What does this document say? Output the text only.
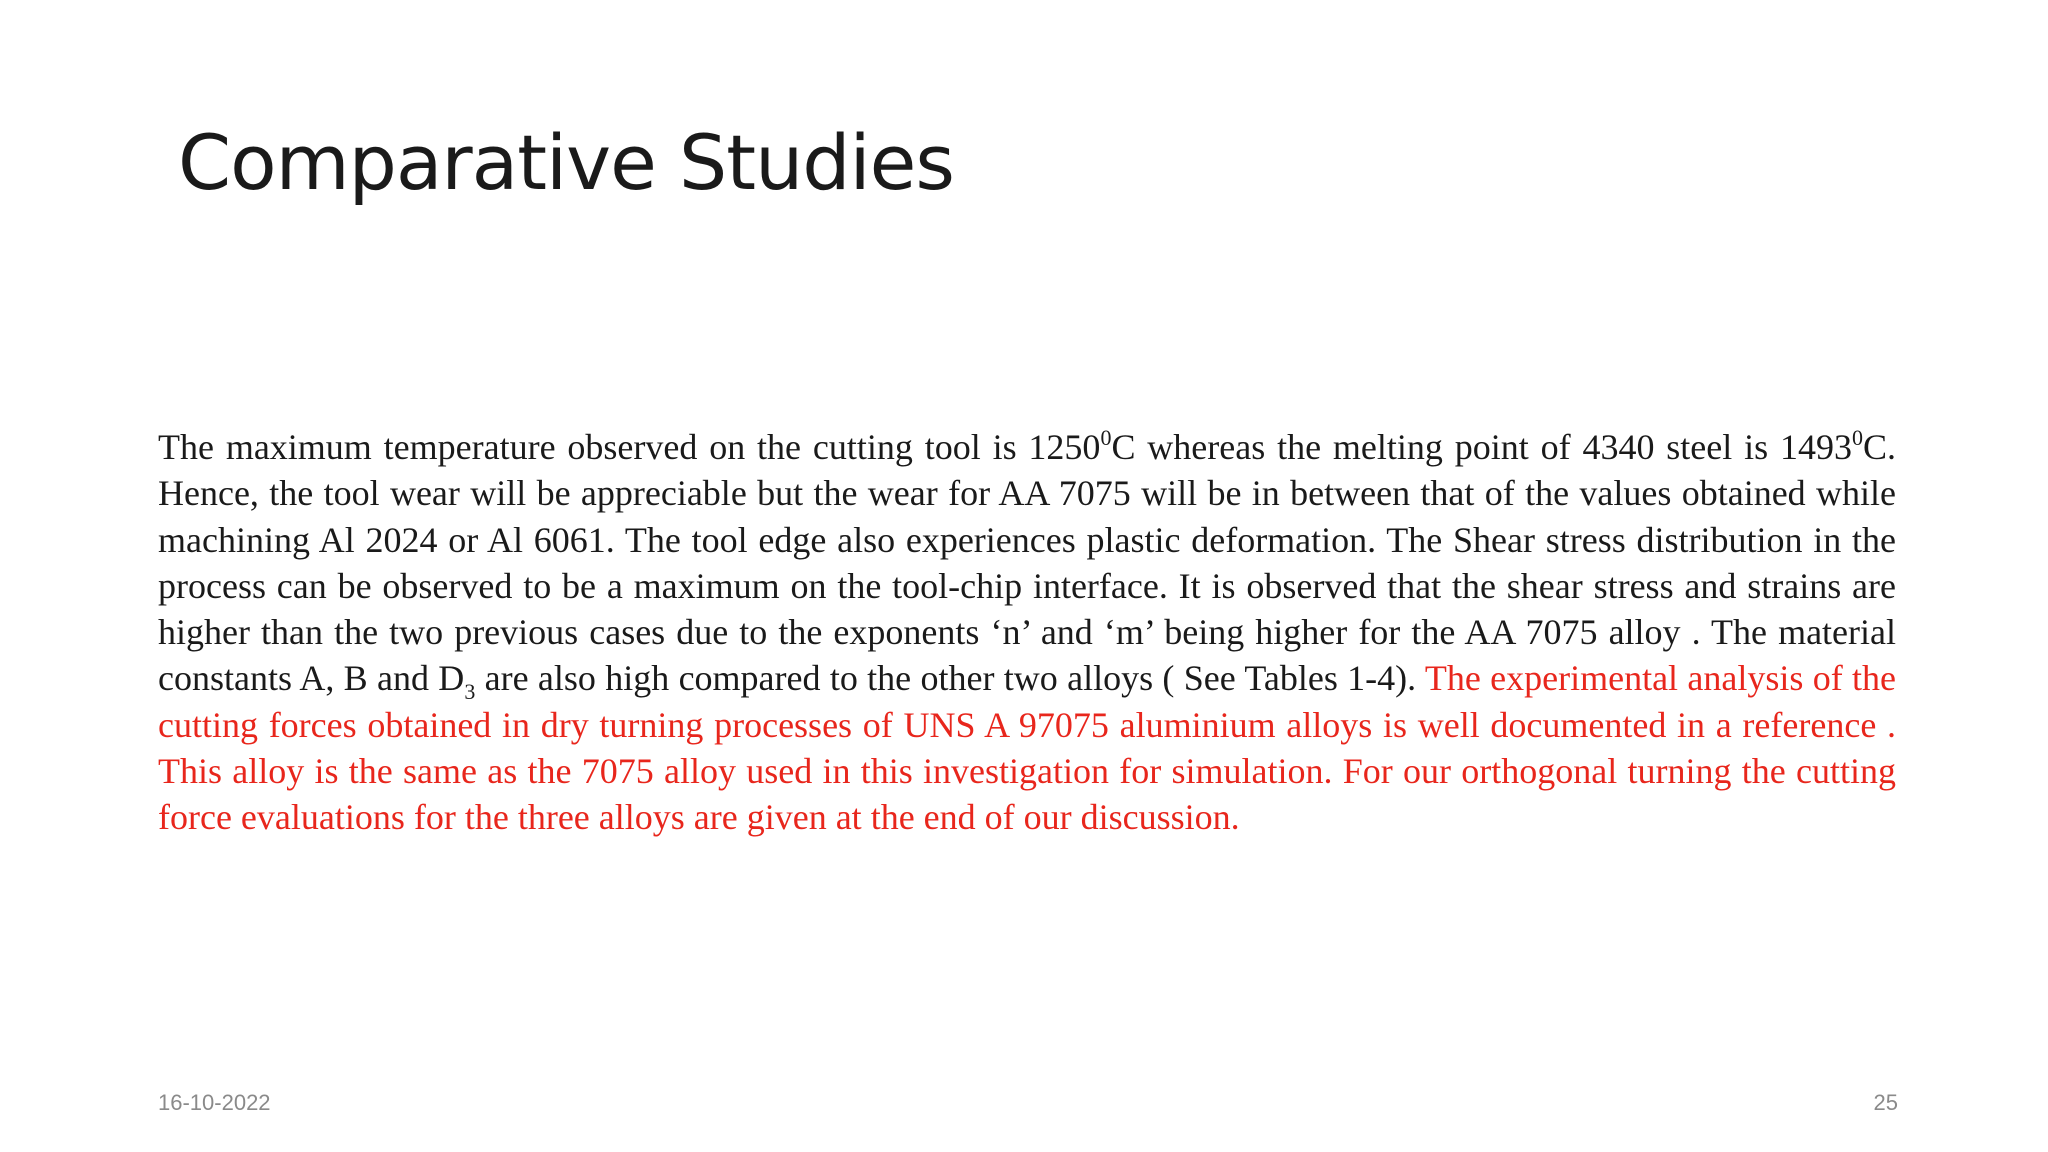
Comparative Studies

The maximum temperature observed on the cutting tool is 1250$^0$C whereas the melting point of 4340 steel is 1493$^0$C. Hence, the tool wear will be appreciable but the wear for AA 7075 will be in between that of the values obtained while machining Al 2024 or Al 6061. The tool edge also experiences plastic deformation. The Shear stress distribution in the process can be observed to be a maximum on the tool-chip interface. It is observed that the shear stress and strains are higher than the two previous cases due to the exponents ‘n’ and ‘m’ being higher for the AA 7075 alloy . The material constants A, B and $D_3$ are also high compared to the other two alloys ( See Tables 1-4). The experimental analysis of the cutting forces obtained in dry turning processes of UNS A 97075 aluminium alloys is well documented in a reference . This alloy is the same as the 7075 alloy used in this investigation for simulation. For our orthogonal turning the cutting force evaluations for the three alloys are given at the end of our discussion.

16-10-2022	25
